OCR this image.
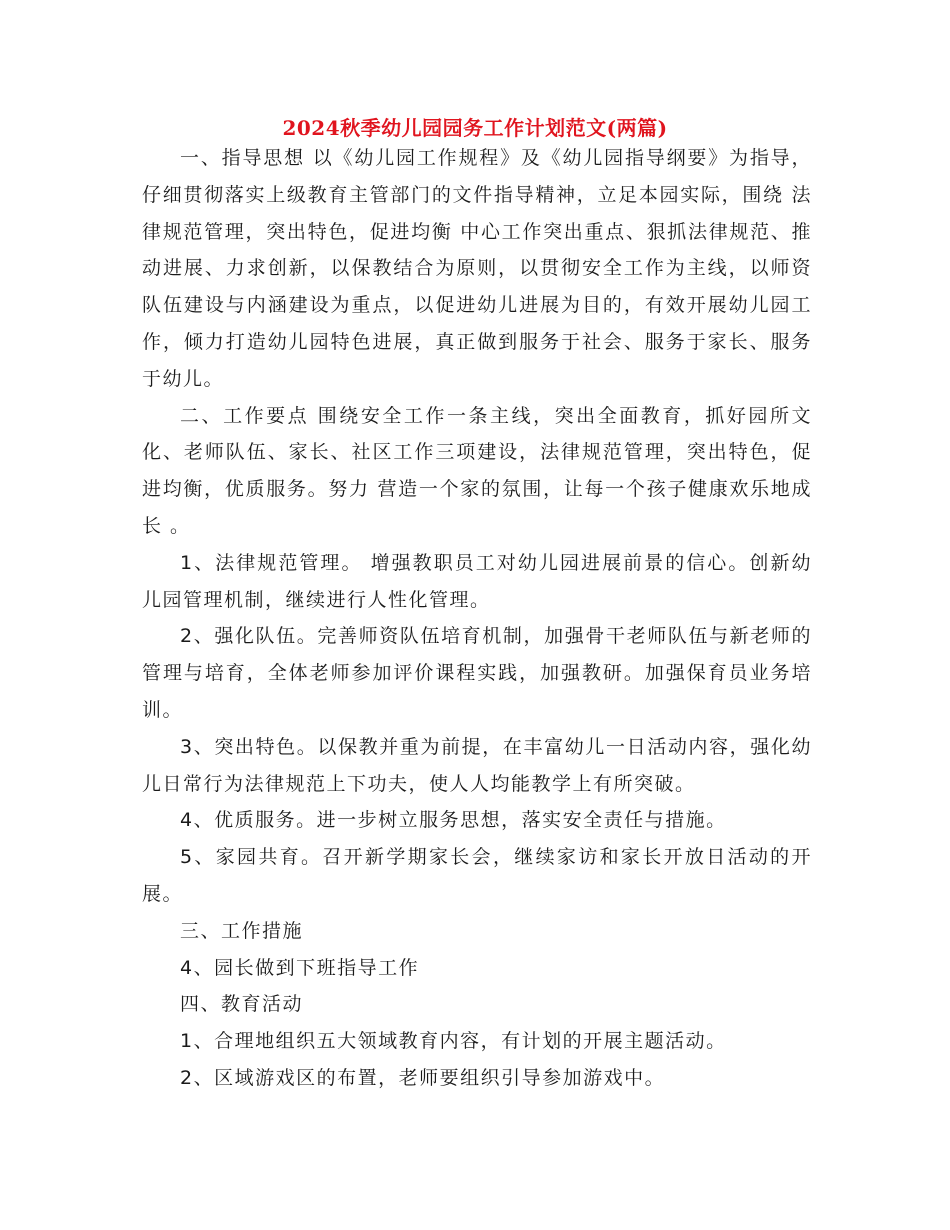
2024秋季幼儿园园务工作计划范文(两篇)

一、指导思想 以《幼儿园工作规程》及《幼儿园指导纲要》为指导，仔细贯彻落实上级教育主管部门的文件指导精神，立足本园实际，围绕 法律规范管理，突出特色，促进均衡 中心工作突出重点、狠抓法律规范、推动进展、力求创新，以保教结合为原则，以贯彻安全工作为主线，以师资队伍建设与内涵建设为重点，以促进幼儿进展为目的，有效开展幼儿园工作，倾力打造幼儿园特色进展，真正做到服务于社会、服务于家长、服务于幼儿。

二、工作要点 围绕安全工作一条主线，突出全面教育，抓好园所文化、老师队伍、家长、社区工作三项建设，法律规范管理，突出特色，促进均衡，优质服务。努力 营造一个家的氛围，让每一个孩子健康欢乐地成长 。

1、法律规范管理。 增强教职员工对幼儿园进展前景的信心。创新幼儿园管理机制，继续进行人性化管理。

2、强化队伍。完善师资队伍培育机制，加强骨干老师队伍与新老师的管理与培育，全体老师参加评价课程实践，加强教研。加强保育员业务培训。

3、突出特色。以保教并重为前提，在丰富幼儿一日活动内容，强化幼儿日常行为法律规范上下功夫，使人人均能教学上有所突破。

4、优质服务。进一步树立服务思想，落实安全责任与措施。

5、家园共育。召开新学期家长会，继续家访和家长开放日活动的开展。

三、工作措施

4、园长做到下班指导工作

四、教育活动

1、合理地组织五大领域教育内容，有计划的开展主题活动。

2、区域游戏区的布置，老师要组织引导参加游戏中。
